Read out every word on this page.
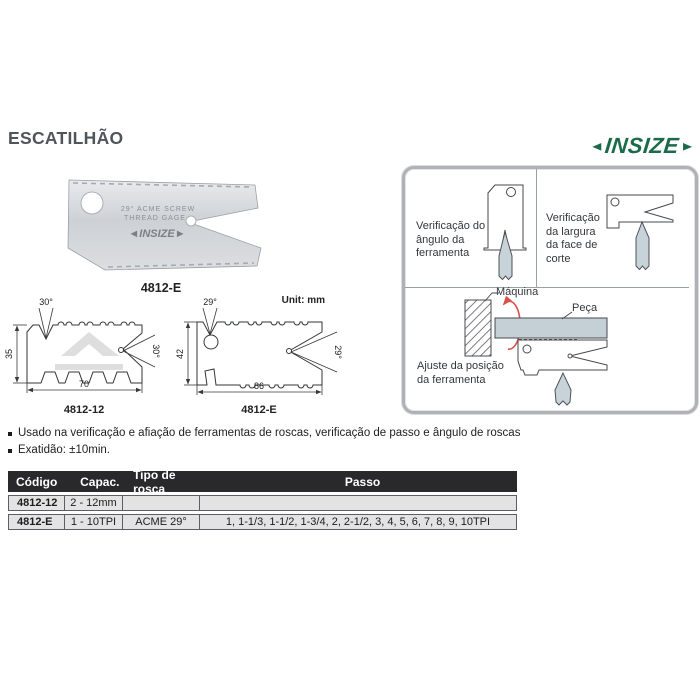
ESCATILHÃO	◄ INSIZE ►
29° ACME SCREW
THREAD GAGE
◄INSIZE►
4812-E
30°
35
70
30°
4812-12
29°
42
86
29°
4812-E
Unit: mm
Verificação do
ângulo da
ferramenta
Verificação
da largura
da face de
corte
Máquina
Peça
Ajuste da posição
da ferramenta
Usado na verificação e afiação de ferramentas de roscas, verificação de passo e ângulo de roscas
Exatidão: ±10min.
Código	Capac.	Tipo de rosca	Passo
4812-12	2 - 12mm
4812-E	1 - 10TPI	ACME 29°	1, 1-1/3, 1-1/2, 1-3/4, 2, 2-1/2, 3, 4, 5, 6, 7, 8, 9, 10TPI
